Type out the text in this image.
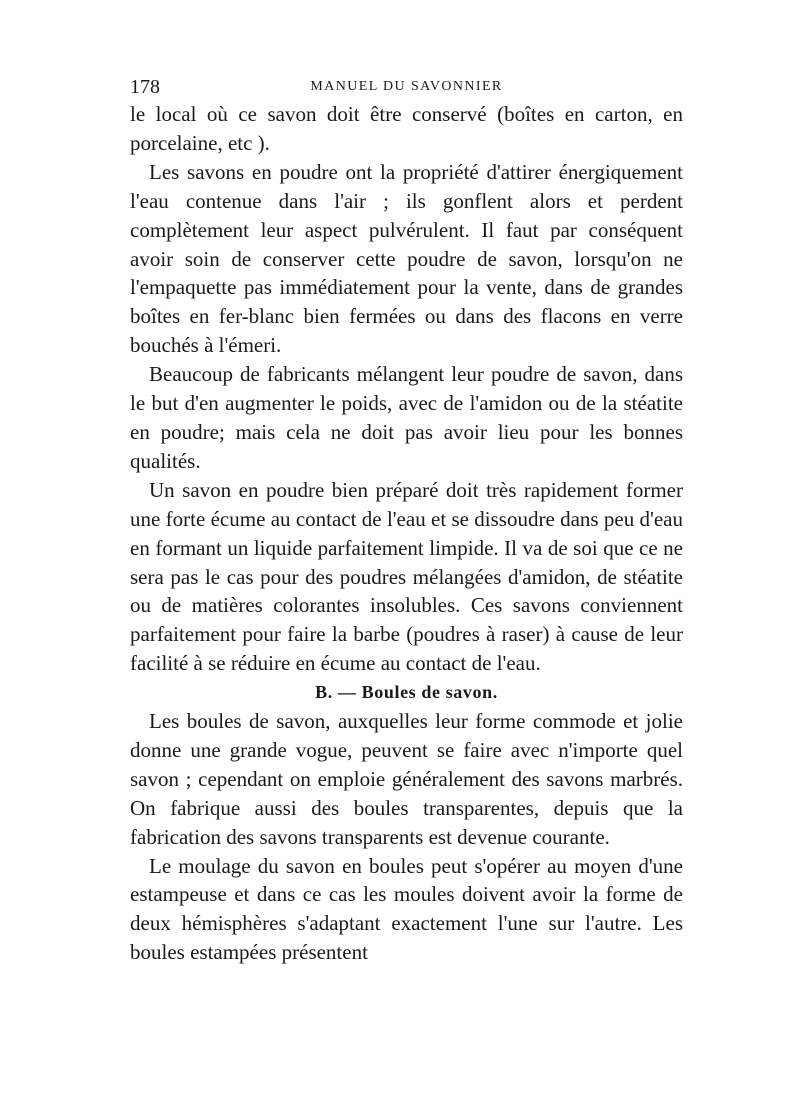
178	MANUEL DU SAVONNIER

le local où ce savon doit être conservé (boîtes en carton, en porcelaine, etc ).

Les savons en poudre ont la propriété d'attirer énergiquement l'eau contenue dans l'air ; ils gonflent alors et perdent complètement leur aspect pulvérulent. Il faut par conséquent avoir soin de conserver cette poudre de savon, lorsqu'on ne l'empaquette pas immédiatement pour la vente, dans de grandes boîtes en fer-blanc bien fermées ou dans des flacons en verre bouchés à l'émeri.

Beaucoup de fabricants mélangent leur poudre de savon, dans le but d'en augmenter le poids, avec de l'amidon ou de la stéatite en poudre; mais cela ne doit pas avoir lieu pour les bonnes qualités.

Un savon en poudre bien préparé doit très rapidement former une forte écume au contact de l'eau et se dissoudre dans peu d'eau en formant un liquide parfaitement limpide. Il va de soi que ce ne sera pas le cas pour des poudres mélangées d'amidon, de stéatite ou de matières colorantes insolubles. Ces savons conviennent parfaitement pour faire la barbe (poudres à raser) à cause de leur facilité à se réduire en écume au contact de l'eau.

B. — Boules de savon.

Les boules de savon, auxquelles leur forme commode et jolie donne une grande vogue, peuvent se faire avec n'importe quel savon ; cependant on emploie généralement des savons marbrés. On fabrique aussi des boules transparentes, depuis que la fabrication des savons transparents est devenue courante.

Le moulage du savon en boules peut s'opérer au moyen d'une estampeuse et dans ce cas les moules doivent avoir la forme de deux hémisphères s'adaptant exactement l'une sur l'autre. Les boules estampées présentent
